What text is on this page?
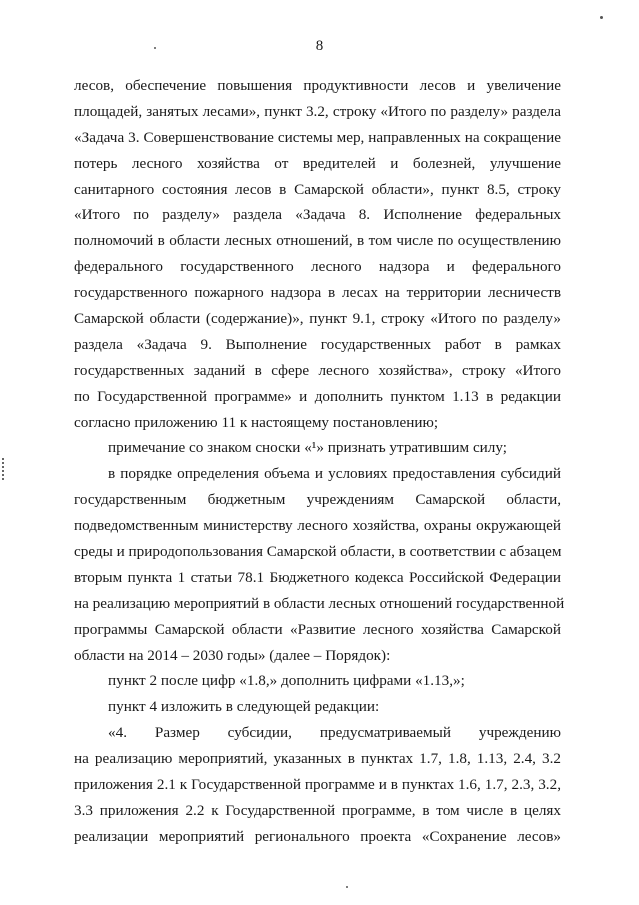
8
лесов, обеспечение повышения продуктивности лесов и увеличение
площадей, занятых лесами», пункт 3.2, строку «Итого по разделу» раздела
«Задача 3. Совершенствование системы мер, направленных на сокращение
потерь лесного хозяйства от вредителей и болезней, улучшение
санитарного состояния лесов в Самарской области», пункт 8.5, строку
«Итого по разделу» раздела «Задача 8. Исполнение федеральных
полномочий в области лесных отношений, в том числе по осуществлению
федерального государственного лесного надзора и федерального
государственного пожарного надзора в лесах на территории лесничеств
Самарской области (содержание)», пункт 9.1, строку «Итого по разделу»
раздела «Задача 9. Выполнение государственных работ в рамках
государственных заданий в сфере лесного хозяйства», строку «Итого
по Государственной программе» и дополнить пунктом 1.13 в редакции
согласно приложению 11 к настоящему постановлению;
примечание со знаком сноски «¹» признать утратившим силу;
в порядке определения объема и условиях предоставления субсидий
государственным бюджетным учреждениям Самарской области,
подведомственным министерству лесного хозяйства, охраны окружающей
среды и природопользования Самарской области, в соответствии с абзацем
вторым пункта 1 статьи 78.1 Бюджетного кодекса Российской Федерации
на реализацию мероприятий в области лесных отношений государственной
программы Самарской области «Развитие лесного хозяйства Самарской
области на 2014 – 2030 годы» (далее – Порядок):
пункт 2 после цифр «1.8,» дополнить цифрами «1.13,»;
пункт 4 изложить в следующей редакции:
«4. Размер субсидии, предусматриваемый учреждению
на реализацию мероприятий, указанных в пунктах 1.7, 1.8, 1.13, 2.4, 3.2
приложения 2.1 к Государственной программе и в пунктах 1.6, 1.7, 2.3, 3.2,
3.3 приложения 2.2 к Государственной программе, в том числе в целях
реализации мероприятий регионального проекта «Сохранение лесов»
